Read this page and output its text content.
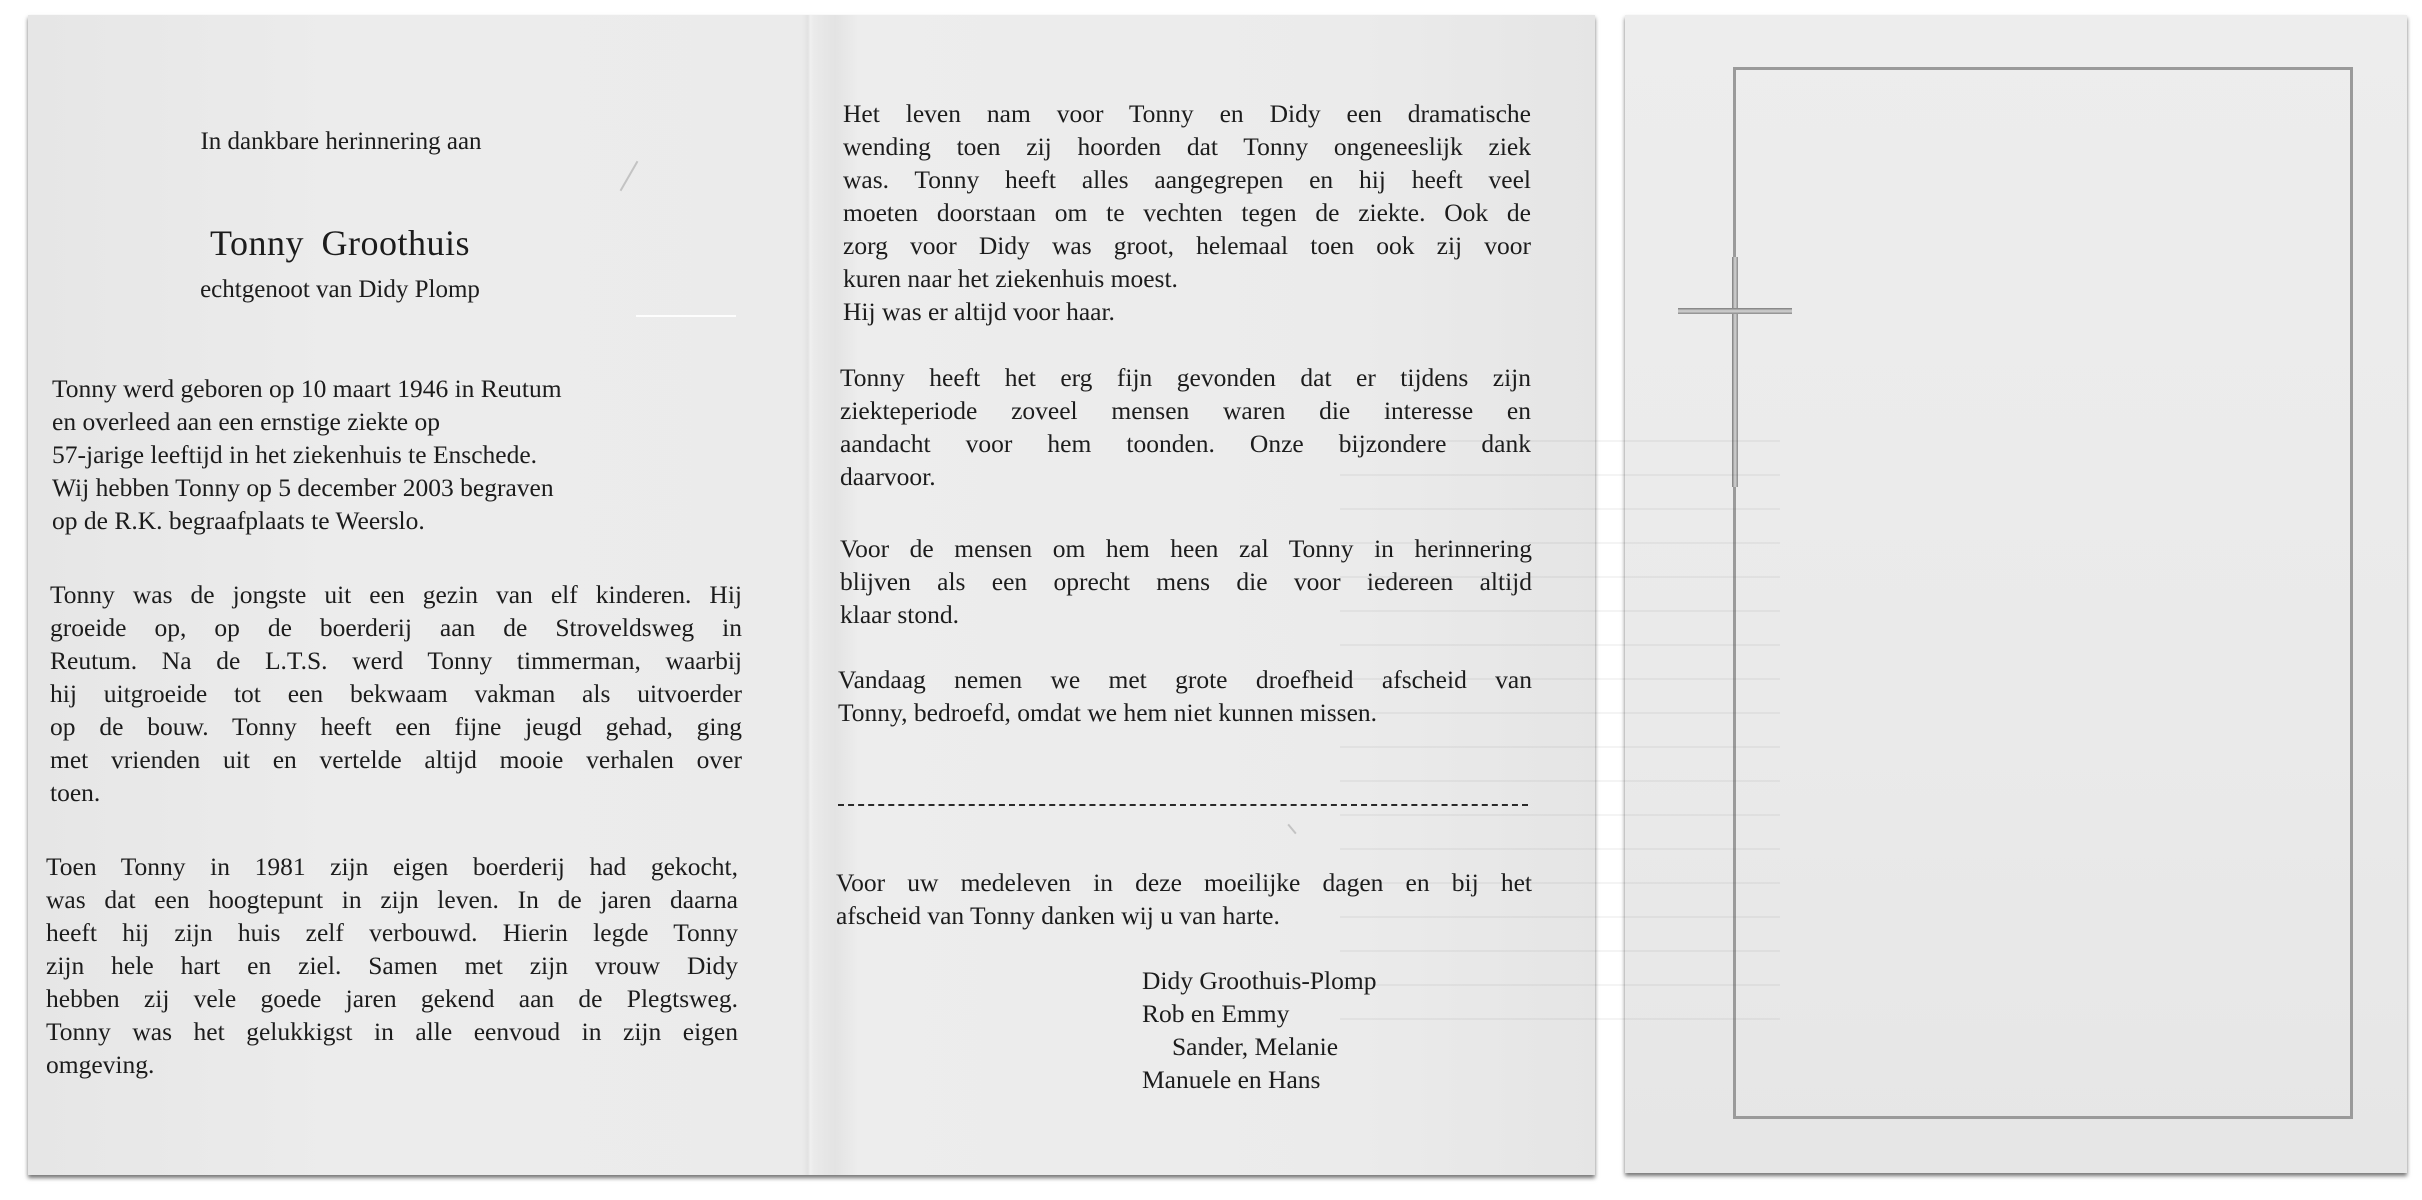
In dankbare herinnering aan

Tonny Groothuis

echtgenoot van Didy Plomp

Tonny werd geboren op 10 maart 1946 in Reutum
en overleed aan een ernstige ziekte op
57-jarige leeftijd in het ziekenhuis te Enschede.
Wij hebben Tonny op 5 december 2003 begraven
op de R.K. begraafplaats te Weerslo.
Tonny was de jongste uit een gezin van elf kinderen. Hij
groeide op, op de boerderij aan de Stroveldsweg in
Reutum. Na de L.T.S. werd Tonny timmerman, waarbij
hij uitgroeide tot een bekwaam vakman als uitvoerder
op de bouw. Tonny heeft een fijne jeugd gehad, ging
met vrienden uit en vertelde altijd mooie verhalen over
toen.
Toen Tonny in 1981 zijn eigen boerderij had gekocht,
was dat een hoogtepunt in zijn leven. In de jaren daarna
heeft hij zijn huis zelf verbouwd. Hierin legde Tonny
zijn hele hart en ziel. Samen met zijn vrouw Didy
hebben zij vele goede jaren gekend aan de Plegtsweg.
Tonny was het gelukkigst in alle eenvoud in zijn eigen
omgeving.
Het leven nam voor Tonny en Didy een dramatische
wending toen zij hoorden dat Tonny ongeneeslijk ziek
was. Tonny heeft alles aangegrepen en hij heeft veel
moeten doorstaan om te vechten tegen de ziekte. Ook de
zorg voor Didy was groot, helemaal toen ook zij voor
kuren naar het ziekenhuis moest.
Hij was er altijd voor haar.
Tonny heeft het erg fijn gevonden dat er tijdens zijn
ziekteperiode zoveel mensen waren die interesse en
aandacht voor hem toonden. Onze bijzondere dank
daarvoor.
Voor de mensen om hem heen zal Tonny in herinnering
blijven als een oprecht mens die voor iedereen altijd
klaar stond.
Vandaag nemen we met grote droefheid afscheid van
Tonny, bedroefd, omdat we hem niet kunnen missen.
Voor uw medeleven in deze moeilijke dagen en bij het
afscheid van Tonny danken wij u van harte.
Didy Groothuis-Plomp
Rob en Emmy
Sander, Melanie
Manuele en Hans
